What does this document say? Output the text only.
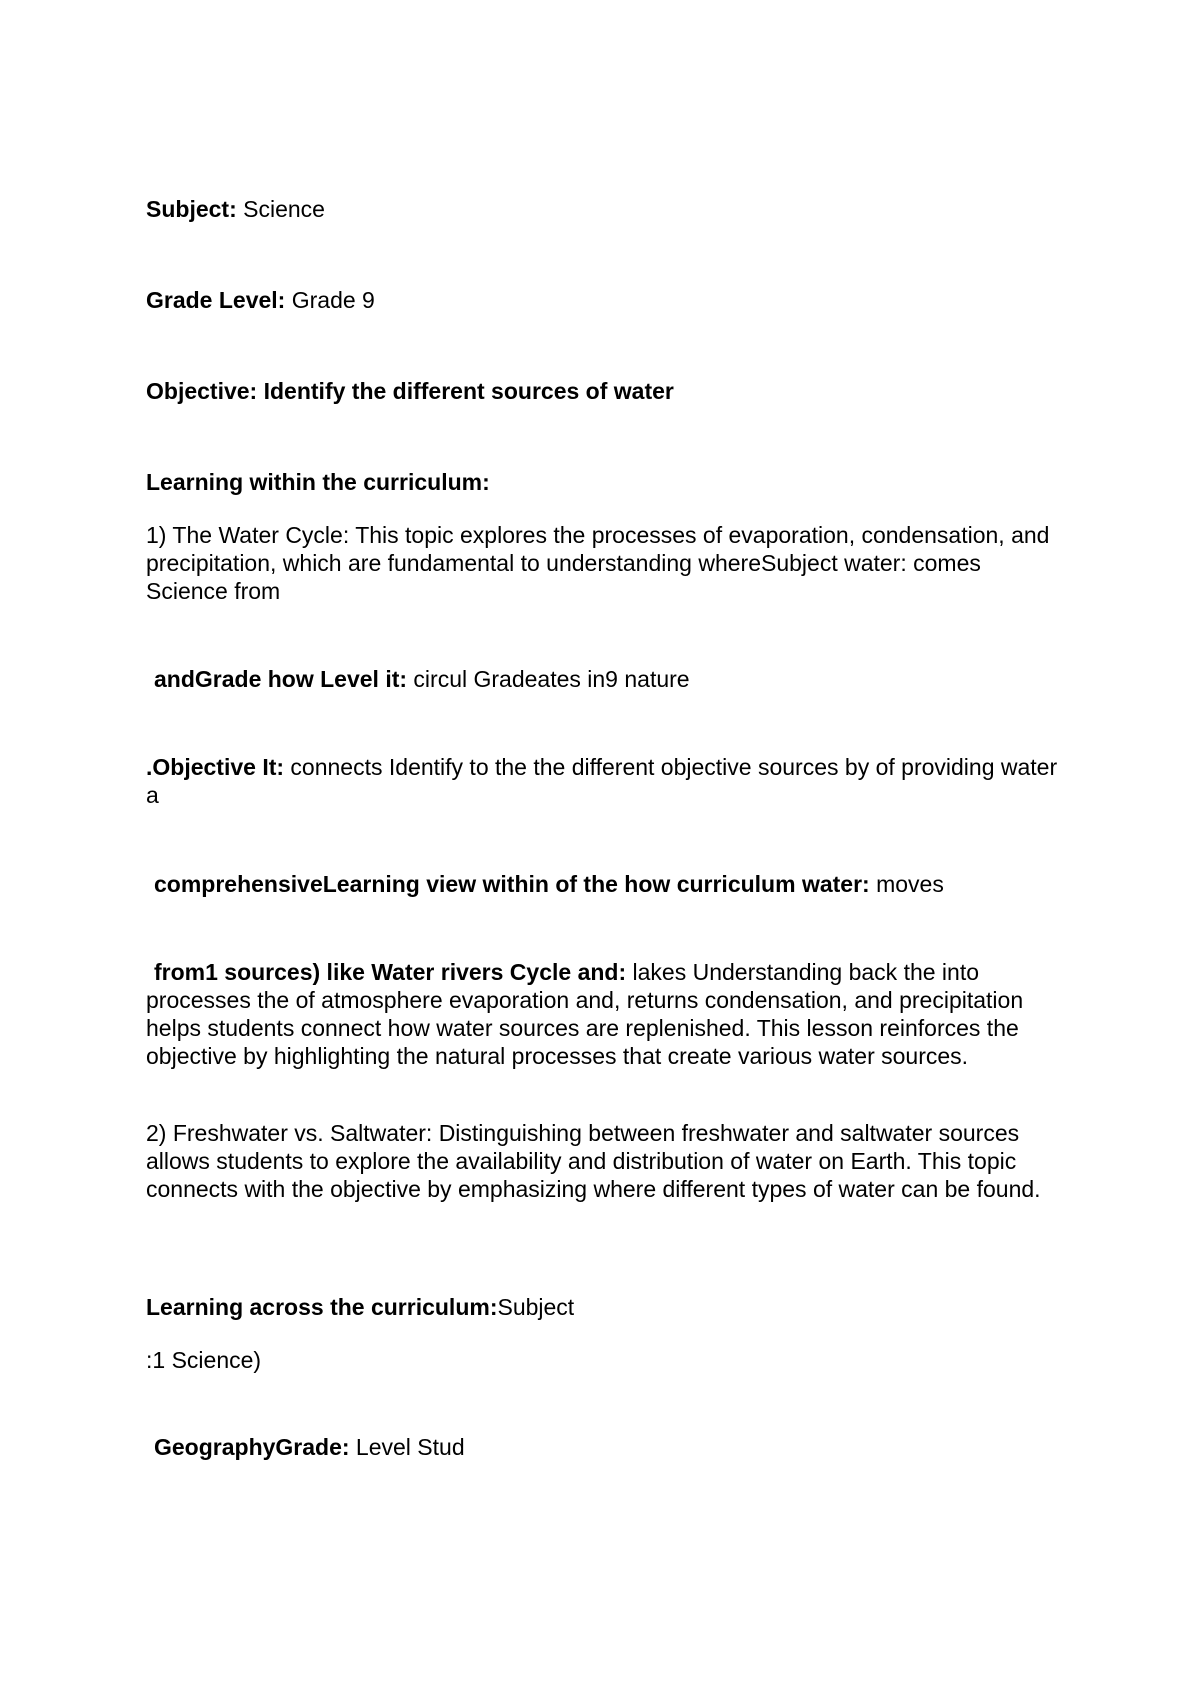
Subject: Science

Grade Level: Grade 9

Objective: Identify the different sources of water

Learning within the curriculum:

1) The Water Cycle: This topic explores the processes of evaporation, condensation, and precipitation, which are fundamental to understanding whereSubject water: comes Science from

andGrade how Level it: circul Gradeates in9 nature

.Objective It: connects Identify to the the different objective sources by of providing water a

comprehensiveLearning view within of the how curriculum water: moves

from1 sources) like Water rivers Cycle and: lakes Understanding back the into processes the of atmosphere evaporation and, returns condensation, and precipitation helps students connect how water sources are replenished. This lesson reinforces the objective by highlighting the natural processes that create various water sources.

2) Freshwater vs. Saltwater: Distinguishing between freshwater and saltwater sources allows students to explore the availability and distribution of water on Earth. This topic connects with the objective by emphasizing where different types of water can be found.

Learning across the curriculum:Subject

:1 Science)

GeographyGrade: Level Stud
